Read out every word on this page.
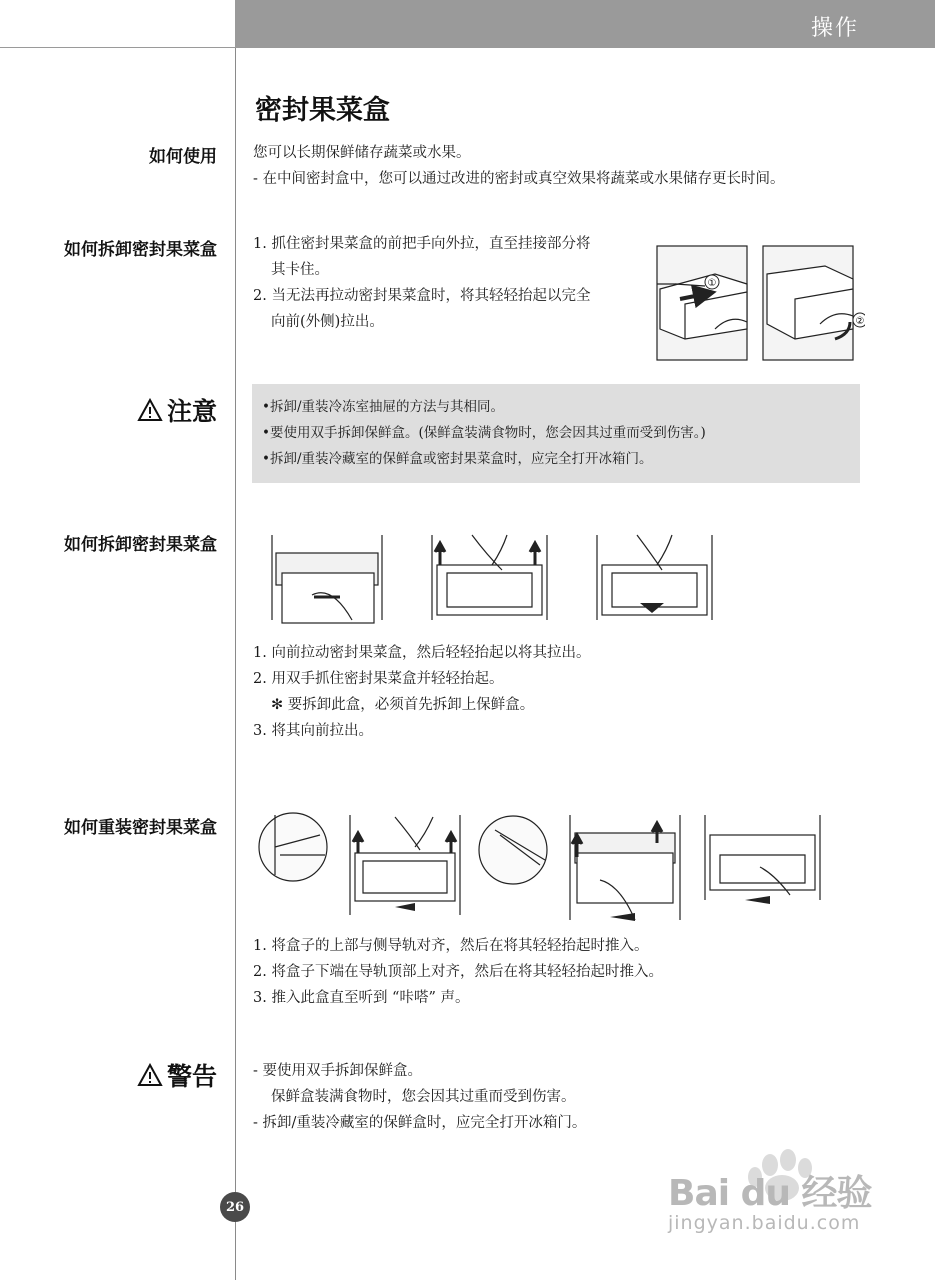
操作
密封果菜盒
如何使用 您可以长期保鲜储存蔬菜或水果。

- 在中间密封盒中，您可以通过改进的密封或真空效果将蔬菜或水果储存更长时间。

如何拆卸密封果菜盒 1. 抓住密封果菜盒的前把手向外拉，直至挂接部分将

其卡住。

2. 当无法再拉动密封果菜盒时，将其轻轻抬起以完全

向前(外侧)拉出。

①
②
注意	•拆卸/重装冷冻室抽屉的方法与其相同。

•要使用双手拆卸保鲜盒。(保鲜盒装满食物时，您会因其过重而受到伤害。)

•拆卸/重装冷藏室的保鲜盒或密封果菜盒时，应完全打开冰箱门。

如何拆卸密封果菜盒

1. 向前拉动密封果菜盒，然后轻轻抬起以将其拉出。

2. 用双手抓住密封果菜盒并轻轻抬起。

✻ 要拆卸此盒，必须首先拆卸上保鲜盒。

3. 将其向前拉出。

如何重装密封果菜盒

1. 将盒子的上部与侧导轨对齐，然后在将其轻轻抬起时推入。

2. 将盒子下端在导轨顶部上对齐，然后在将其轻轻抬起时推入。

3. 推入此盒直至听到 “咔嗒” 声。

警告 - 要使用双手拆卸保鲜盒。

保鲜盒装满食物时，您会因其过重而受到伤害。

- 拆卸/重装冷藏室的保鲜盒时，应完全打开冰箱门。

26	Bai du 经验
jingyan.baidu.com
